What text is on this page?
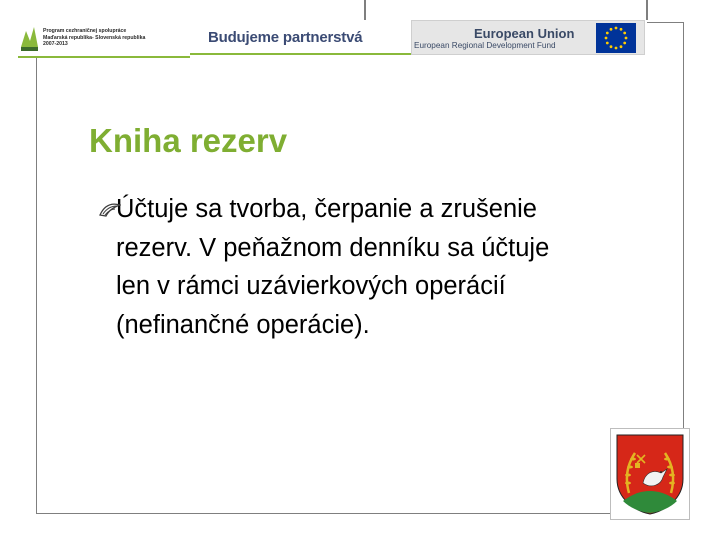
Program cezhraničnej spolupráce
Maďarská republika- Slovenská republika
2007-2013	Budujeme partnerstvá	European Union
European Regional Development Fund
Kniha rezerv
Účtuje sa tvorba, čerpanie a zrušenie rezerv. V peňažnom denníku sa účtuje len v rámci uzávierkových operácií (nefinančné operácie).
